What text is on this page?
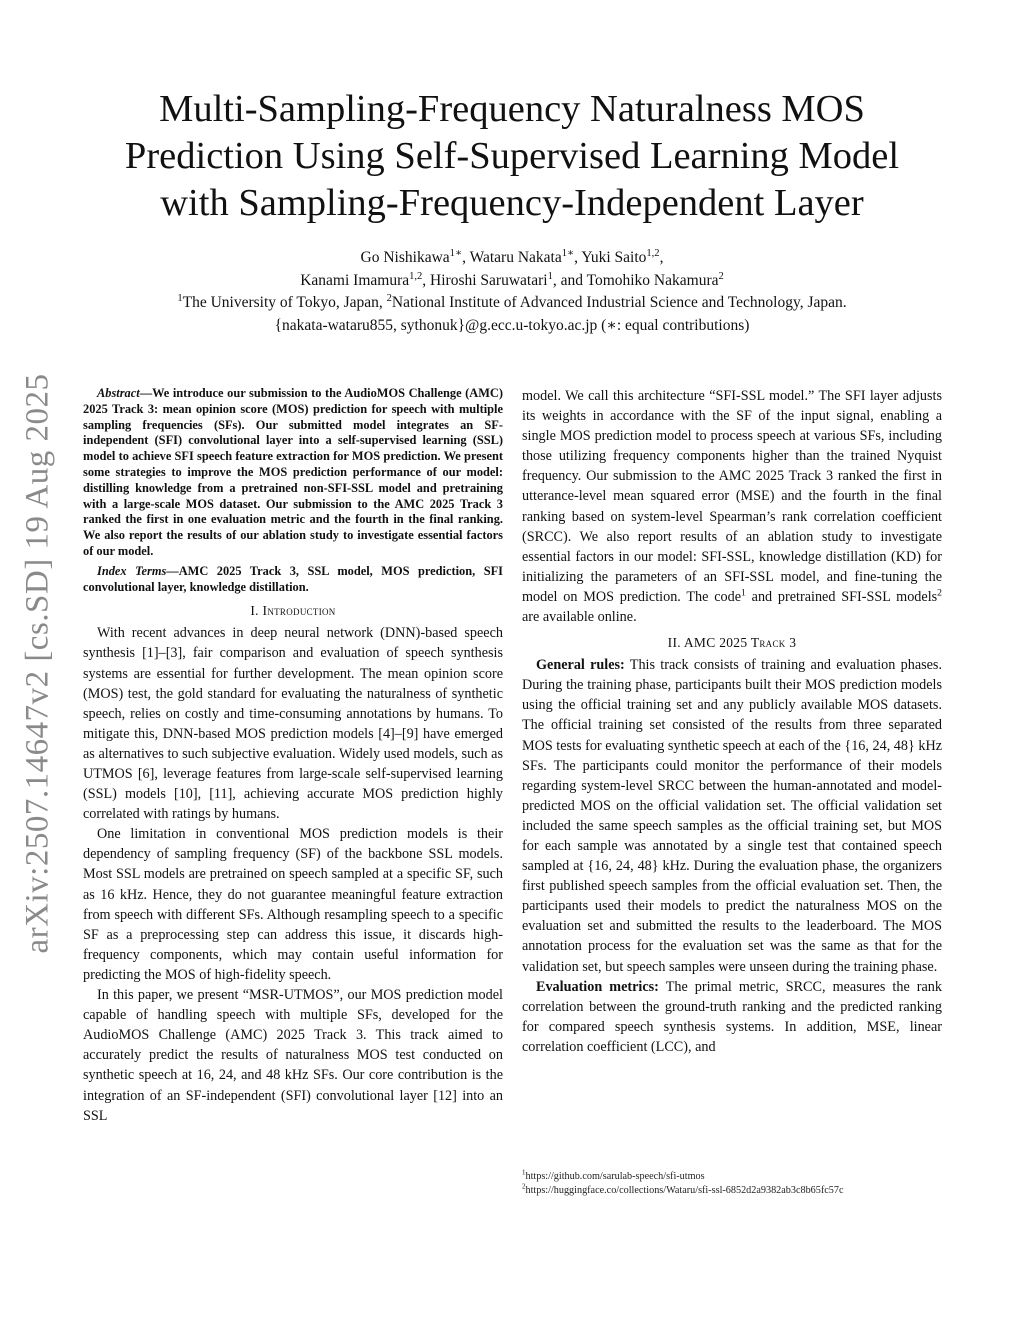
arXiv:2507.14647v2 [cs.SD] 19 Aug 2025
Multi-Sampling-Frequency Naturalness MOS
Prediction Using Self-Supervised Learning Model
with Sampling-Frequency-Independent Layer
Go Nishikawa$^{1∗}$, Wataru Nakata$^{1∗}$, Yuki Saito$^{1,2}$,
Kanami Imamura$^{1,2}$, Hiroshi Saruwatari$^1$, and Tomohiko Nakamura$^2$
$^1$The University of Tokyo, Japan, $^2$National Institute of Advanced Industrial Science and Technology, Japan.
{nakata-wataru855, sythonuk}@g.ecc.u-tokyo.ac.jp (∗: equal contributions)

Abstract—We introduce our submission to the AudioMOS Challenge (AMC) 2025 Track 3: mean opinion score (MOS) prediction for speech with multiple sampling frequencies (SFs). Our submitted model integrates an SF-independent (SFI) convolutional layer into a self-supervised learning (SSL) model to achieve SFI speech feature extraction for MOS prediction. We present some strategies to improve the MOS prediction performance of our model: distilling knowledge from a pretrained non-SFI-SSL model and pretraining with a large-scale MOS dataset. Our submission to the AMC 2025 Track 3 ranked the first in one evaluation metric and the fourth in the final ranking. We also report the results of our ablation study to investigate essential factors of our model.

Index Terms—AMC 2025 Track 3, SSL model, MOS prediction, SFI convolutional layer, knowledge distillation.

I. Introduction

With recent advances in deep neural network (DNN)-based speech synthesis [1]–[3], fair comparison and evaluation of speech synthesis systems are essential for further development. The mean opinion score (MOS) test, the gold standard for evaluating the naturalness of synthetic speech, relies on costly and time-consuming annotations by humans. To mitigate this, DNN-based MOS prediction models [4]–[9] have emerged as alternatives to such subjective evaluation. Widely used models, such as UTMOS [6], leverage features from large-scale self-supervised learning (SSL) models [10], [11], achieving accurate MOS prediction highly correlated with ratings by humans.

One limitation in conventional MOS prediction models is their dependency of sampling frequency (SF) of the backbone SSL models. Most SSL models are pretrained on speech sampled at a specific SF, such as 16 kHz. Hence, they do not guarantee meaningful feature extraction from speech with different SFs. Although resampling speech to a specific SF as a preprocessing step can address this issue, it discards high-frequency components, which may contain useful information for predicting the MOS of high-fidelity speech.

In this paper, we present “MSR-UTMOS”, our MOS prediction model capable of handling speech with multiple SFs, developed for the AudioMOS Challenge (AMC) 2025 Track 3. This track aimed to accurately predict the results of naturalness MOS test conducted on synthetic speech at 16, 24, and 48 kHz SFs. Our core contribution is the integration of an SF-independent (SFI) convolutional layer [12] into an SSL

model. We call this architecture “SFI-SSL model.” The SFI layer adjusts its weights in accordance with the SF of the input signal, enabling a single MOS prediction model to process speech at various SFs, including those utilizing frequency components higher than the trained Nyquist frequency. Our submission to the AMC 2025 Track 3 ranked the first in utterance-level mean squared error (MSE) and the fourth in the final ranking based on system-level Spearman’s rank correlation coefficient (SRCC). We also report results of an ablation study to investigate essential factors in our model: SFI-SSL, knowledge distillation (KD) for initializing the parameters of an SFI-SSL model, and fine-tuning the model on MOS prediction. The code$^1$ and pretrained SFI-SSL models$^2$ are available online.

II. AMC 2025 Track 3

General rules: This track consists of training and evaluation phases. During the training phase, participants built their MOS prediction models using the official training set and any publicly available MOS datasets. The official training set consisted of the results from three separated MOS tests for evaluating synthetic speech at each of the {16, 24, 48} kHz SFs. The participants could monitor the performance of their models regarding system-level SRCC between the human-annotated and model-predicted MOS on the official validation set. The official validation set included the same speech samples as the official training set, but MOS for each sample was annotated by a single test that contained speech sampled at {16, 24, 48} kHz. During the evaluation phase, the organizers first published speech samples from the official evaluation set. Then, the participants used their models to predict the naturalness MOS on the evaluation set and submitted the results to the leaderboard. The MOS annotation process for the evaluation set was the same as that for the validation set, but speech samples were unseen during the training phase.

Evaluation metrics: The primal metric, SRCC, measures the rank correlation between the ground-truth ranking and the predicted ranking for compared speech synthesis systems. In addition, MSE, linear correlation coefficient (LCC), and

$^1$https://github.com/sarulab-speech/sfi-utmos
$^2$https://huggingface.co/collections/Wataru/sfi-ssl-6852d2a9382ab3c8b65fc57c
